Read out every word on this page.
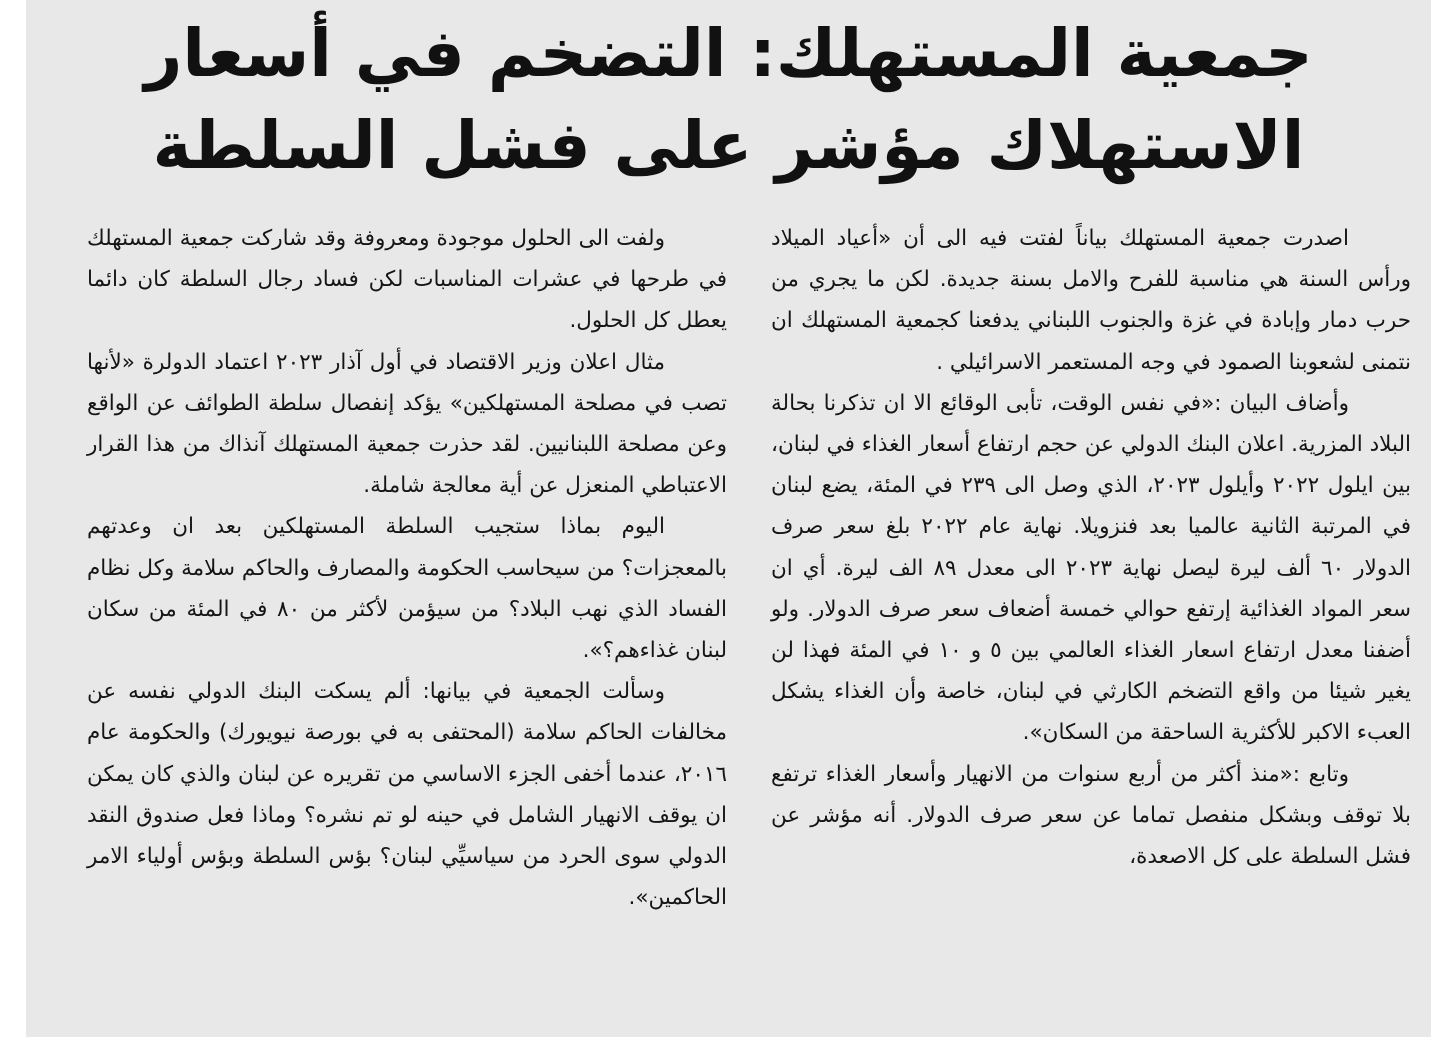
جمعية المستهلك: التضخم في أسعار
الاستهلاك مؤشر على فشل السلطة

اصدرت جمعية المستهلك بياناً لفتت فيه الى أن «أعياد الميلاد ورأس السنة هي مناسبة للفرح والامل بسنة جديدة. لكن ما يجري من حرب دمار وإبادة في غزة والجنوب اللبناني يدفعنا كجمعية المستهلك ان نتمنى لشعوبنا الصمود في وجه المستعمر الاسرائيلي .

وأضاف البيان :«في نفس الوقت، تأبى الوقائع الا ان تذكرنا بحالة البلاد المزرية. اعلان البنك الدولي عن حجم ارتفاع أسعار الغذاء في لبنان، بين ايلول ٢٠٢٢ وأيلول ٢٠٢٣، الذي وصل الى ٢٣٩ في المئة، يضع لبنان في المرتبة الثانية عالميا بعد فنزويلا. نهاية عام ٢٠٢٢ بلغ سعر صرف الدولار ٦٠ ألف ليرة ليصل نهاية ٢٠٢٣ الى معدل ٨٩ الف ليرة. أي ان سعر المواد الغذائية إرتفع حوالي خمسة أضعاف سعر صرف الدولار. ولو أضفنا معدل ارتفاع اسعار الغذاء العالمي بين ٥ و ١٠ في المئة فهذا لن يغير شيئا من واقع التضخم الكارثي في لبنان، خاصة وأن الغذاء يشكل العبء الاكبر للأكثرية الساحقة من السكان».

وتابع :«منذ أكثر من أربع سنوات من الانهيار وأسعار الغذاء ترتفع بلا توقف وبشكل منفصل تماما عن سعر صرف الدولار. أنه مؤشر عن فشل السلطة على كل الاصعدة،

ولفت الى الحلول موجودة ومعروفة وقد شاركت جمعية المستهلك في طرحها في عشرات المناسبات لكن فساد رجال السلطة كان دائما يعطل كل الحلول.

مثال اعلان وزير الاقتصاد في أول آذار ٢٠٢٣ اعتماد الدولرة «لأنها تصب في مصلحة المستهلكين» يؤكد إنفصال سلطة الطوائف عن الواقع وعن مصلحة اللبنانيين. لقد حذرت جمعية المستهلك آنذاك من هذا القرار الاعتباطي المنعزل عن أية معالجة شاملة.

اليوم بماذا ستجيب السلطة المستهلكين بعد ان وعدتهم بالمعجزات؟ من سيحاسب الحكومة والمصارف والحاكم سلامة وكل نظام الفساد الذي نهب البلاد؟ من سيؤمن لأكثر من ٨٠ في المئة من سكان لبنان غذاءهم؟».

وسألت الجمعية في بيانها: ألم يسكت البنك الدولي نفسه عن مخالفات الحاكم سلامة (المحتفى به في بورصة نيويورك) والحكومة عام ٢٠١٦، عندما أخفى الجزء الاساسي من تقريره عن لبنان والذي كان يمكن ان يوقف الانهيار الشامل في حينه لو تم نشره؟ وماذا فعل صندوق النقد الدولي سوى الحرد من سياسيِّي لبنان؟ بؤس السلطة وبؤس أولياء الامر الحاكمين».
